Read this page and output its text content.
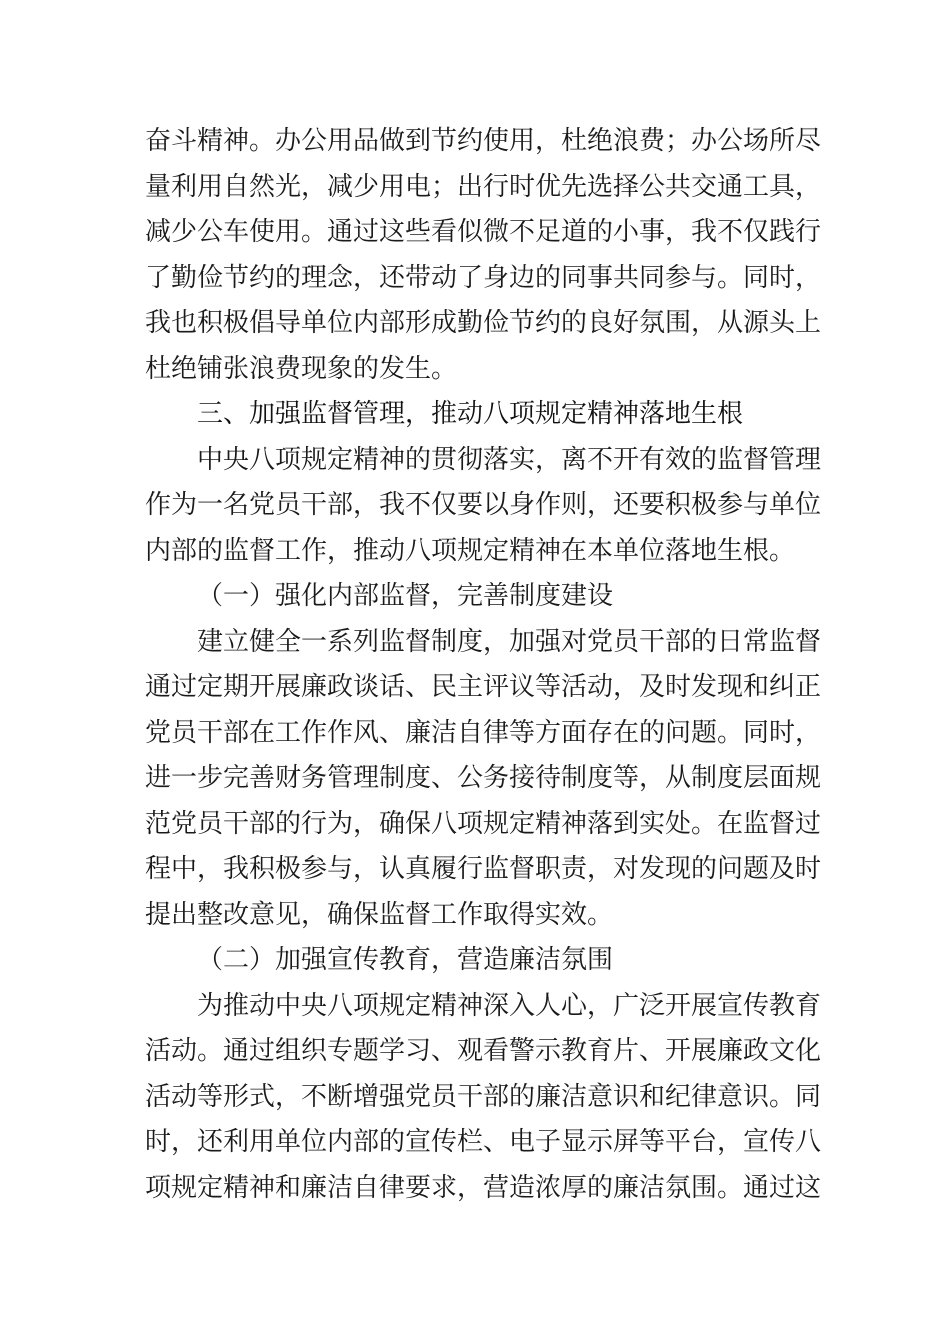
奋斗精神。办公用品做到节约使用，杜绝浪费；办公场所尽
量利用自然光，减少用电；出行时优先选择公共交通工具，
减少公车使用。通过这些看似微不足道的小事，我不仅践行
了勤俭节约的理念，还带动了身边的同事共同参与。同时，
我也积极倡导单位内部形成勤俭节约的良好氛围，从源头上
杜绝铺张浪费现象的发生。
三、加强监督管理，推动八项规定精神落地生根
中央八项规定精神的贯彻落实，离不开有效的监督管理
作为一名党员干部，我不仅要以身作则，还要积极参与单位
内部的监督工作，推动八项规定精神在本单位落地生根。
（一）强化内部监督，完善制度建设
建立健全一系列监督制度，加强对党员干部的日常监督
通过定期开展廉政谈话、民主评议等活动，及时发现和纠正
党员干部在工作作风、廉洁自律等方面存在的问题。同时，
进一步完善财务管理制度、公务接待制度等，从制度层面规
范党员干部的行为，确保八项规定精神落到实处。在监督过
程中，我积极参与，认真履行监督职责，对发现的问题及时
提出整改意见，确保监督工作取得实效。
（二）加强宣传教育，营造廉洁氛围
为推动中央八项规定精神深入人心，广泛开展宣传教育
活动。通过组织专题学习、观看警示教育片、开展廉政文化
活动等形式，不断增强党员干部的廉洁意识和纪律意识。同
时，还利用单位内部的宣传栏、电子显示屏等平台，宣传八
项规定精神和廉洁自律要求，营造浓厚的廉洁氛围。通过这
